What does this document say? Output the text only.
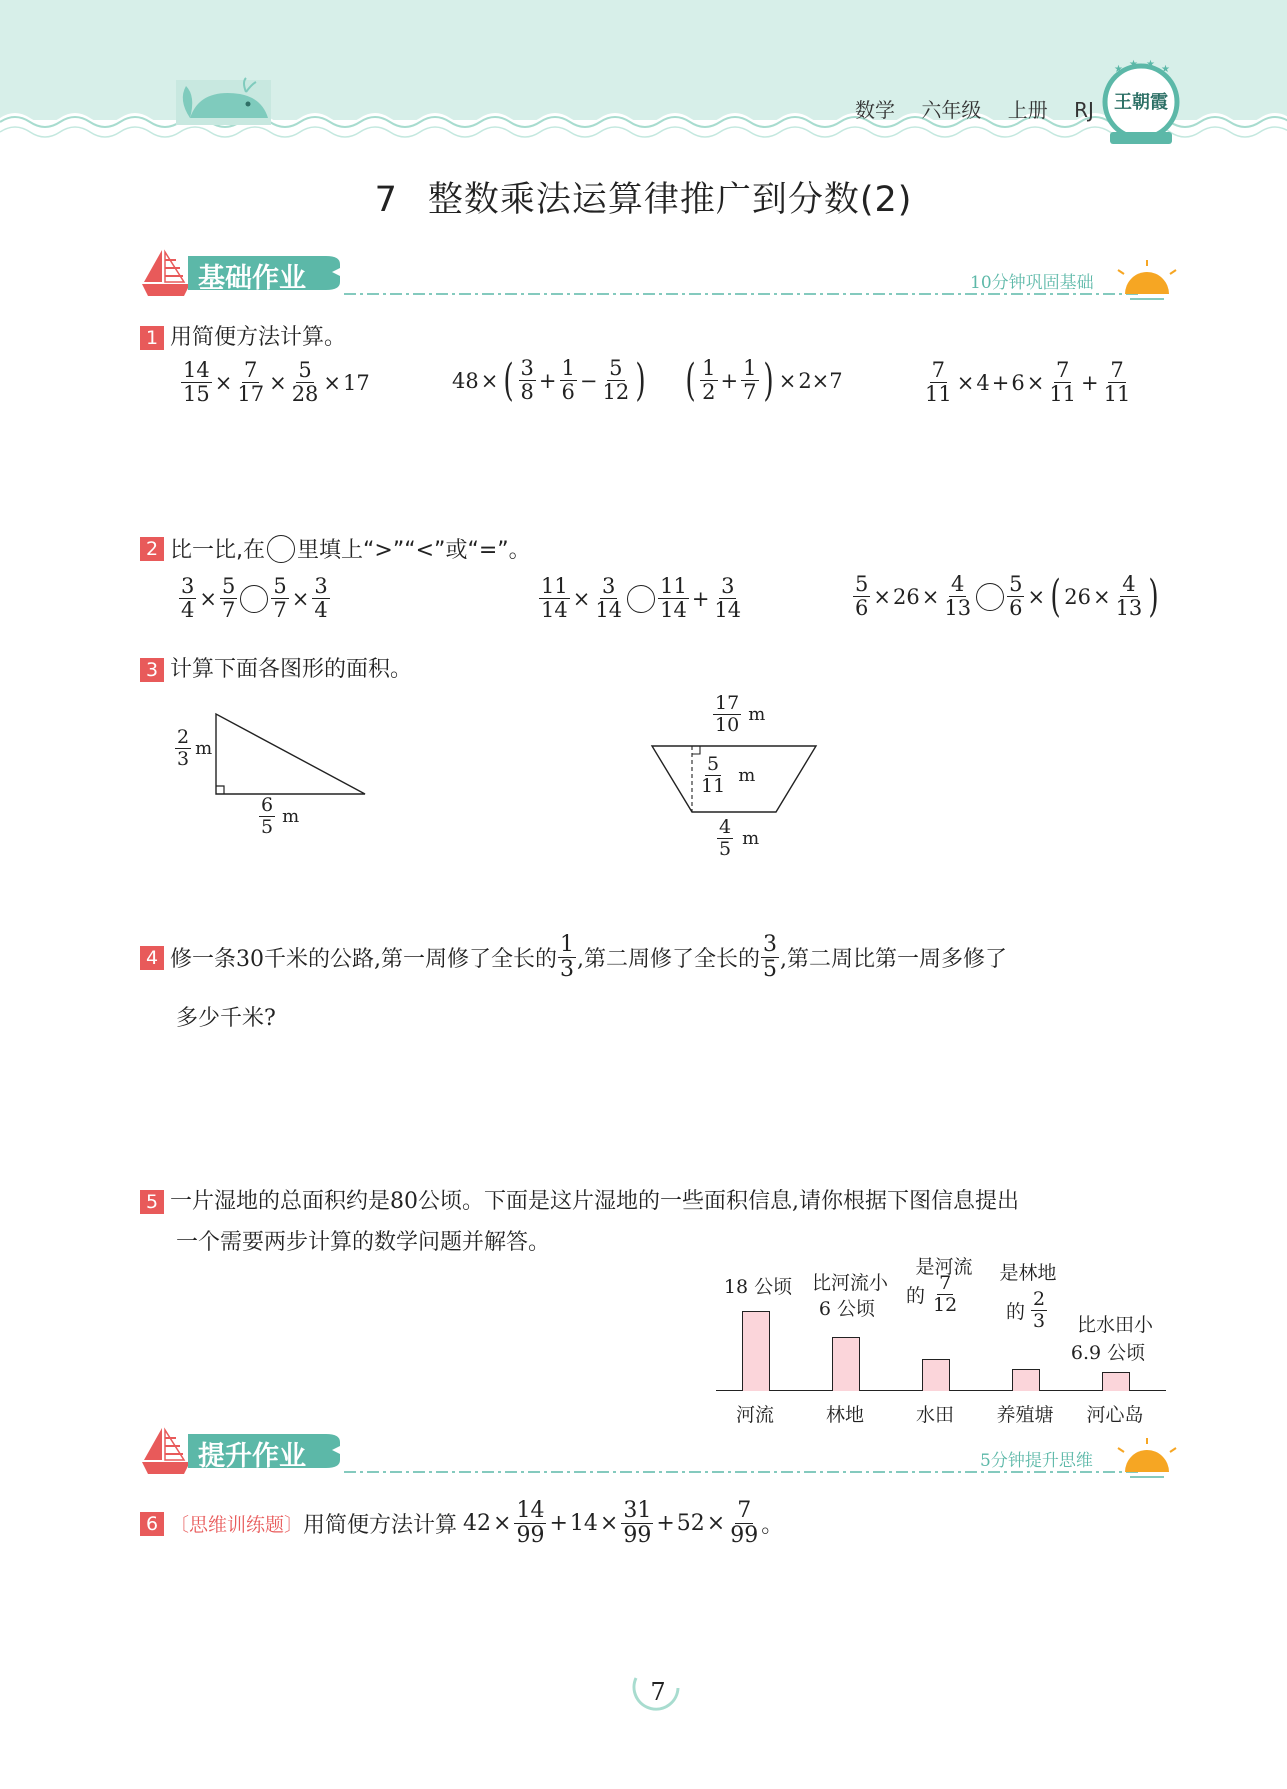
数学 六年级 上册 RJ
★ ★ ★ ★
王朝霞
7 整数乘法运算律推广到分数(2)
基础作业	10分钟巩固基础
1 用简便方法计算。
$\frac{14}{15} \times \frac{7}{17} \times \frac{5}{28} \times 17$	48 × ( $\frac{3}{8} + \frac{1}{6} - \frac{5}{12}$ ) ( $\frac{1}{2} + \frac{1}{7}$ ) × 2×7	$\frac{7}{11} \times 4 + 6 \times \frac{7}{11} + \frac{7}{11}$
2 比一比,在 里填上“>”“<”或“=”。
$\frac{3}{4} \times \frac{5}{7} \frac{5}{7} \times \frac{3}{4}$	$\frac{11}{14} \times \frac{3}{14} \frac{11}{14} + \frac{3}{14}$	$\frac{5}{6} \times 26 \times \frac{4}{13} \frac{5}{6}$ × ( $26 \times \frac{4}{13}$ )
3 计算下面各图形的面积。
$\frac{2}{3}$ m
$\frac{6}{5}$ m
$\frac{17}{10}$ m
$\frac{5}{11}$ m
$\frac{4}{5}$ m
4 修一条30千米的公路,第一周修了全长的 $\frac{1}{3}$ ,第二周修了全长的 $\frac{3}{5}$ ,第二周比第一周多修了
多少千米?
5 一片湿地的总面积约是80公顷。下面是这片湿地的一些面积信息,请你根据下图信息提出
一个需要两步计算的数学问题并解答。
18 公顷	比河流小
6 公顷
是河流
的 $\frac{7}{12}$
是林地
的 $\frac{2}{3}$	比水田小
6.9 公顷
河流	林地	水田	养殖塘	河心岛
提升作业	5分钟提升思维
6 〔思维训练题〕 用简便方法计算 $42 \times \frac{14}{99} + 14 \times \frac{31}{99} + 52 \times \frac{7}{99}$ 。
7
